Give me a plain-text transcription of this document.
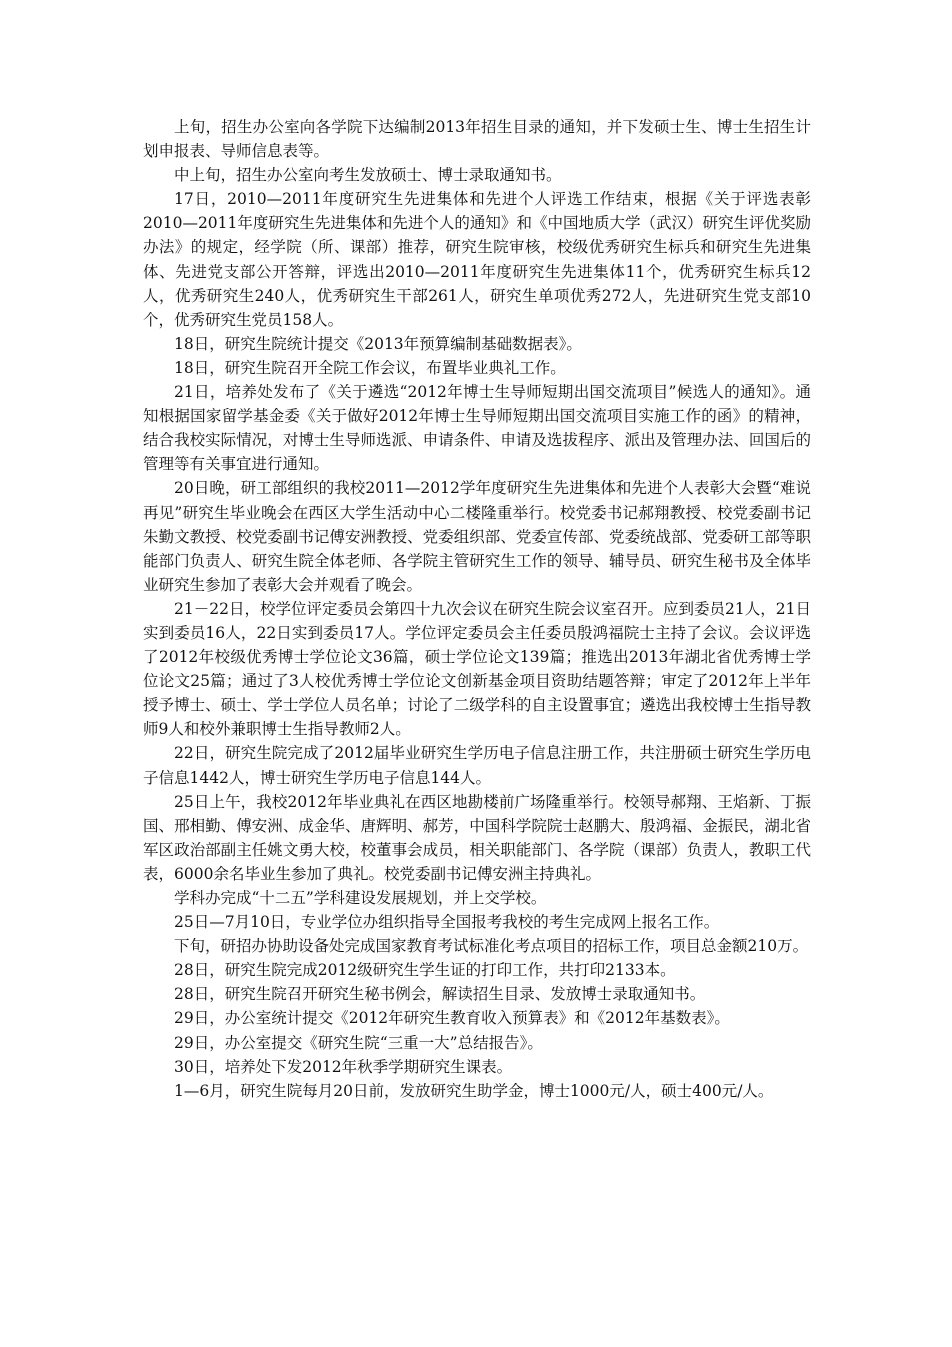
上旬，招生办公室向各学院下达编制2013年招生目录的通知，并下发硕士生、博士生招生计划申报表、导师信息表等。

中上旬，招生办公室向考生发放硕士、博士录取通知书。

17日，2010—2011年度研究生先进集体和先进个人评选工作结束，根据《关于评选表彰2010—2011年度研究生先进集体和先进个人的通知》和《中国地质大学（武汉）研究生评优奖励办法》的规定，经学院（所、课部）推荐，研究生院审核，校级优秀研究生标兵和研究生先进集体、先进党支部公开答辩，评选出2010—2011年度研究生先进集体11个，优秀研究生标兵12人，优秀研究生240人，优秀研究生干部261人，研究生单项优秀272人，先进研究生党支部10个，优秀研究生党员158人。

18日，研究生院统计提交《2013年预算编制基础数据表》。

18日，研究生院召开全院工作会议，布置毕业典礼工作。

21日，培养处发布了《关于遴选“2012年博士生导师短期出国交流项目”候选人的通知》。通知根据国家留学基金委《关于做好2012年博士生导师短期出国交流项目实施工作的函》的精神，结合我校实际情况，对博士生导师选派、申请条件、申请及选拔程序、派出及管理办法、回国后的管理等有关事宜进行通知。

20日晚，研工部组织的我校2011—2012学年度研究生先进集体和先进个人表彰大会暨“难说再见”研究生毕业晚会在西区大学生活动中心二楼隆重举行。校党委书记郝翔教授、校党委副书记朱勤文教授、校党委副书记傅安洲教授、党委组织部、党委宣传部、党委统战部、党委研工部等职能部门负责人、研究生院全体老师、各学院主管研究生工作的领导、辅导员、研究生秘书及全体毕业研究生参加了表彰大会并观看了晚会。

21－22日，校学位评定委员会第四十九次会议在研究生院会议室召开。应到委员21人，21日实到委员16人，22日实到委员17人。学位评定委员会主任委员殷鸿福院士主持了会议。会议评选了2012年校级优秀博士学位论文36篇，硕士学位论文139篇；推选出2013年湖北省优秀博士学位论文25篇；通过了3人校优秀博士学位论文创新基金项目资助结题答辩；审定了2012年上半年授予博士、硕士、学士学位人员名单；讨论了二级学科的自主设置事宜；遴选出我校博士生指导教师9人和校外兼职博士生指导教师2人。

22日，研究生院完成了2012届毕业研究生学历电子信息注册工作，共注册硕士研究生学历电子信息1442人，博士研究生学历电子信息144人。

25日上午，我校2012年毕业典礼在西区地勘楼前广场隆重举行。校领导郝翔、王焰新、丁振国、邢相勤、傅安洲、成金华、唐辉明、郝芳，中国科学院院士赵鹏大、殷鸿福、金振民，湖北省军区政治部副主任姚文勇大校，校董事会成员，相关职能部门、各学院（课部）负责人，教职工代表，6000余名毕业生参加了典礼。校党委副书记傅安洲主持典礼。

学科办完成“十二五”学科建设发展规划，并上交学校。

25日—7月10日，专业学位办组织指导全国报考我校的考生完成网上报名工作。

下旬，研招办协助设备处完成国家教育考试标准化考点项目的招标工作，项目总金额210万。

28日，研究生院完成2012级研究生学生证的打印工作，共打印2133本。

28日，研究生院召开研究生秘书例会，解读招生目录、发放博士录取通知书。

29日，办公室统计提交《2012年研究生教育收入预算表》和《2012年基数表》。

29日，办公室提交《研究生院“三重一大”总结报告》。

30日，培养处下发2012年秋季学期研究生课表。

1—6月，研究生院每月20日前，发放研究生助学金，博士1000元/人，硕士400元/人。
